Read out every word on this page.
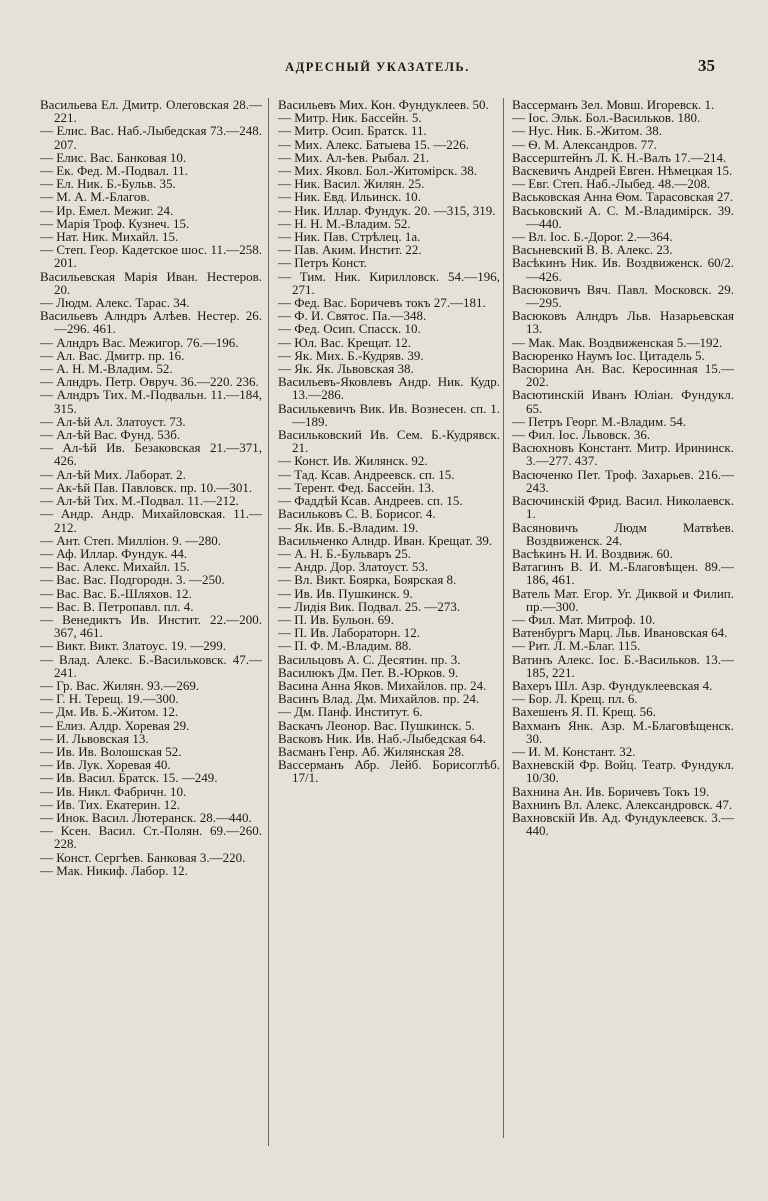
АДРЕСНЫЙ УКАЗАТЕЛЬ.	35
Васильева Ел. Дмитр. Олеговская 28.—221.
— Елис. Вас. Наб.-Лыбедская 73.—248. 207.
— Елис. Вас. Банковая 10.
— Ек. Фед. М.-Подвал. 11.
— Ел. Ник. Б.-Бульв. 35.
— М. А. М.-Благов.
— Ир. Емел. Межиг. 24.
— Марія Троф. Кузнеч. 15.
— Нат. Ник. Михайл. 15.
— Степ. Геор. Кадетское шос. 11.—258. 201.
Васильевская Марія Иван. Нестеров. 20.
— Людм. Алекс. Тарас. 34.
Васильевъ Алндръ Алѣев. Нестер. 26.—296. 461.
— Алндръ Вас. Межигор. 76.—196.
— Ал. Вас. Дмитр. пр. 16.
— А. Н. М.-Владим. 52.
— Алндръ. Петр. Овруч. 36.—220. 236.
— Алндръ Тих. М.-Подвальн. 11.—184, 315.
— Ал-ѣй Ал. Златоуст. 73.
— Ал-ѣй Вас. Фунд. 53б.
— Ал-ѣй Ив. Безаковская 21.—371, 426.
— Ал-ѣй Мих. Лаборат. 2.
— Ак-ѣй Пав. Павловск. пр. 10.—301.
— Ал-ѣй Тих. М.-Подвал. 11.—212.
— Андр. Андр. Михайловская. 11.—212.
— Ант. Степ. Милліон. 9. —280.
— Аф. Иллар. Фундук. 44.
— Вас. Алекс. Михайл. 15.
— Вас. Вас. Подгородн. 3. —250.
— Вас. Вас. Б.-Шляхов. 12.
— Вас. В. Петропавл. пл. 4.
— Венедиктъ Ив. Инстит. 22.—200. 367, 461.
— Викт. Викт. Златоус. 19. —299.
— Влад. Алекс. Б.-Васильковск. 47.—241.
— Гр. Вас. Жилян. 93.—269.
— Г. Н. Терещ. 19.—300.
— Дм. Ив. Б.-Житом. 12.
— Елиз. Алдр. Хоревая 29.
— И. Львовская 13.
— Ив. Ив. Волошская 52.
— Ив. Лук. Хоревая 40.
— Ив. Васил. Братск. 15. —249.
— Ив. Никл. Фабричн. 10.
— Ив. Тих. Екатерин. 12.
— Инок. Васил. Лютеранск. 28.—440.
— Ксен. Васил. Ст.-Полян. 69.—260. 228.
— Конст. Сергѣев. Банковая 3.—220.
— Мак. Никиф. Лабор. 12.
Васильевъ Мих. Кон. Фундуклеев. 50.
— Митр. Ник. Бассейн. 5.
— Митр. Осип. Братск. 11.
— Мих. Алекс. Батыева 15. —226.
— Мих. Ал-ѣев. Рыбал. 21.
— Мих. Яковл. Бол.-Житомірск. 38.
— Ник. Васил. Жилян. 25.
— Ник. Евд. Ильинск. 10.
— Ник. Иллар. Фундук. 20. —315, 319.
— Н. Н. М.-Владим. 52.
— Ник. Пав. Стрѣлец. 1а.
— Пав. Аким. Инстит. 22.
— Петръ Конст.
— Тим. Ник. Кирилловск. 54.—196, 271.
— Фед. Вас. Боричевъ токъ 27.—181.
— Ф. И. Святос. Па.—348.
— Фед. Осип. Спасск. 10.
— Юл. Вас. Крещат. 12.
— Як. Мих. Б.-Кудряв. 39.
— Як. Як. Львовская 38.
Васильевъ-Яковлевъ Андр. Ник. Кудр. 13.—286.
Василькевичъ Вик. Ив. Вознесен. сп. 1.—189.
Васильковский Ив. Сем. Б.-Кудрявск. 21.
— Конст. Ив. Жилянск. 92.
— Тад. Ксав. Андреевск. сп. 15.
— Терент. Фед. Бассейн. 13.
— Фаддѣй Ксав. Андреев. сп. 15.
Васильковъ С. В. Борисог. 4.
— Як. Ив. Б.-Владим. 19.
Васильченко Алндр. Иван. Крещат. 39.
— А. Н. Б.-Бульваръ 25.
— Андр. Дор. Златоуст. 53.
— Вл. Викт. Боярка, Боярская 8.
— Ив. Ив. Пушкинск. 9.
— Лидія Вик. Подвал. 25. —273.
— П. Ив. Бульон. 69.
— П. Ив. Лабораторн. 12.
— П. Ф. М.-Владим. 88.
Васильцовъ А. С. Десятин. пр. 3.
Василюкъ Дм. Пет. В.-Юрков. 9.
Васина Анна Яков. Михайлов. пр. 24.
Васинъ Влад. Дм. Михайлов. пр. 24.
— Дм. Панф. Институт. 6.
Васкачъ Леонор. Вас. Пушкинск. 5.
Васковъ Ник. Ив. Наб.-Лыбедская 64.
Васманъ Генр. Аб. Жилянская 28.
Вассерманъ Абр. Лейб. Борисоглѣб. 17/1.
Вассерманъ Зел. Мовш. Игоревск. 1.
— Іос. Эльк. Бол.-Васильков. 180.
— Нус. Ник. Б.-Житом. 38.
— Ѳ. М. Александров. 77.
Вассерштейнъ Л. К. Н.-Валъ 17.—214.
Васкевичъ Андрей Евген. Нѣмецкая 15.
— Евг. Степ. Наб.-Лыбед. 48.—208.
Васьковская Анна Ѳом. Тарасовская 27.
Васьковский А. С. М.-Владимірск. 39.—440.
— Вл. Іос. Б.-Дорог. 2.—364.
Васьневский В. В. Алекс. 23.
Васѣкинъ Ник. Ив. Воздвиженск. 60/2.—426.
Васюковичъ Вяч. Павл. Московск. 29.—295.
Васюковъ Алндръ Льв. Назарьевская 13.
— Мак. Мак. Воздвиженская 5.—192.
Васюренко Наумъ Іос. Цитадель 5.
Васюрина Ан. Вас. Керосинная 15.—202.
Васютинскій Иванъ Юліан. Фундукл. 65.
— Петръ Георг. М.-Владим. 54.
— Фил. Іос. Львовск. 36.
Васюхновъ Констант. Митр. Ирининск. 3.—277. 437.
Васюченко Пет. Троф. Захарьев. 216.—243.
Васючинскій Фрид. Васил. Николаевск. 1.
Васяновичъ Людм Матвѣев. Воздвиженск. 24.
Васѣкинъ Н. И. Воздвиж. 60.
Ватагинъ В. И. М.-Благовѣщен. 89.—186, 461.
Ватель Мат. Егор. Уг. Диквой и Филип. пр.—300.
— Фил. Мат. Митроф. 10.
Ватенбургъ Марц. Льв. Ивановская 64.
— Рит. Л. М.-Благ. 115.
Ватинъ Алекс. Іос. Б.-Васильков. 13.—185, 221.
Вахеръ Шл. Азр. Фундуклеевская 4.
— Бор. Л. Крещ. пл. 6.
Вахешенъ Я. П. Крещ. 56.
Вахманъ Янк. Азр. М.-Благовѣщенск. 30.
— И. М. Констант. 32.
Вахневскій Фр. Войц. Театр. Фундукл. 10/30.
Вахнина Ан. Ив. Боричевъ Токъ 19.
Вахнинъ Вл. Алекс. Александровск. 47.
Вахновскій Ив. Ад. Фундуклеевск. 3.—440.
